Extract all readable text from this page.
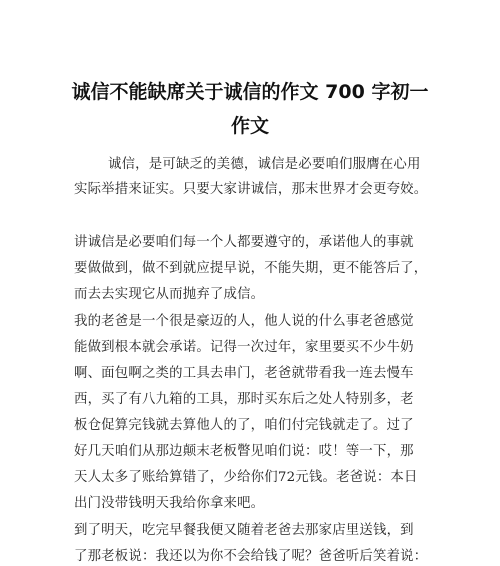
诚信不能缺席关于诚信的作文 700 字初一
作文
诚信，是可缺乏的美德，诚信是必要咱们服膺在心用
实际举措来证实。只要大家讲诚信，那末世界才会更夸姣。
讲诚信是必要咱们每一个人都要遵守的，承诺他人的事就
要做做到，做不到就应提早说，不能失期，更不能答后了，
而去去实现它从而抛弃了成信。
我的老爸是一个很是豪迈的人，他人说的什么事老爸感觉
能做到根本就会承诺。记得一次过年，家里要买不少牛奶
啊、面包啊之类的工具去串门，老爸就带看我一连去慢车
西，买了有八九箱的工具，那时买东后之处人特别多，老
板仓促算完钱就去算他人的了，咱们付完钱就走了。过了
好几天咱们从那边颠末老板瞥见咱们说：哎！等一下，那
天人太多了账给算错了，少给你们72元钱。老爸说：本日
出门没带钱明天我给你拿来吧。
到了明天，吃完早餐我便又随着老爸去那家店里送钱，到
了那老板说：我还以为你不会给钱了呢？爸爸听后笑着说：
